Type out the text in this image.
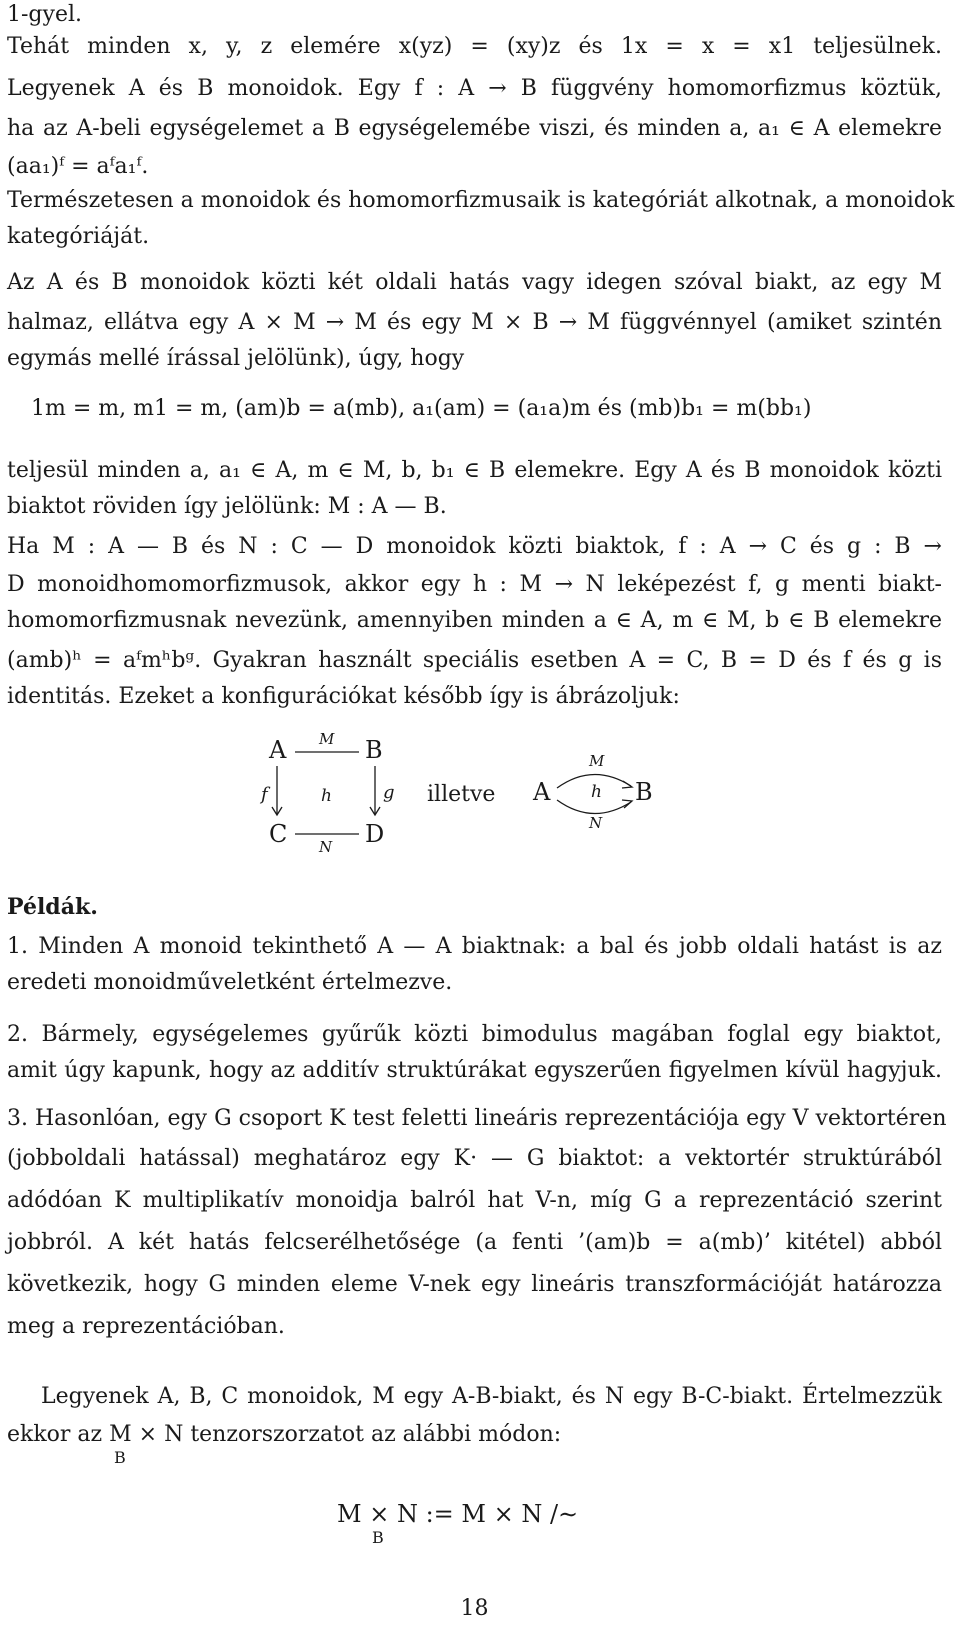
1-gyel.
Tehát minden x, y, z elemére x(yz) = (xy)z és 1x = x = x1 teljesülnek.
Legyenek A és B monoidok. Egy f : A → B függvény homomorfizmus köztük,
ha az A-beli egységelemet a B egységelemébe viszi, és minden a, a₁ ∈ A elemekre
(aa₁)ᶠ = aᶠa₁ᶠ.
Természetesen a monoidok és homomorfizmusaik is kategóriát alkotnak, a monoidok
kategóriáját.
Az A és B monoidok közti két oldali hatás vagy idegen szóval biakt, az egy M
halmaz, ellátva egy A × M → M és egy M × B → M függvénnyel (amiket szintén
egymás mellé írással jelölünk), úgy, hogy
1m = m, m1 = m, (am)b = a(mb), a₁(am) = (a₁a)m és (mb)b₁ = m(bb₁)
teljesül minden a, a₁ ∈ A, m ∈ M, b, b₁ ∈ B elemekre. Egy A és B monoidok közti
biaktot röviden így jelölünk: M : A — B.
Ha M : A — B és N : C — D monoidok közti biaktok, f : A → C és g : B →
D monoidhomomorfizmusok, akkor egy h : M → N leképezést f, g menti biakt-
homomorfizmusnak nevezünk, amennyiben minden a ∈ A, m ∈ M, b ∈ B elemekre
(amb)ʰ = aᶠmʰbᵍ. Gyakran használt speciális esetben A = C, B = D és f és g is
identitás. Ezeket a konfigurációkat később így is ábrázoljuk:
A M B
f	h	g
C	D
N
illetve A
M
h
N
B
Példák.
1. Minden A monoid tekinthető A — A biaktnak: a bal és jobb oldali hatást is az
eredeti monoidműveletként értelmezve.
2. Bármely, egységelemes gyűrűk közti bimodulus magában foglal egy biaktot,
amit úgy kapunk, hogy az additív struktúrákat egyszerűen figyelmen kívül hagyjuk.
3. Hasonlóan, egy G csoport K test feletti lineáris reprezentációja egy V vektortéren
(jobboldali hatással) meghatároz egy K· — G biaktot: a vektortér struktúrából
adódóan K multiplikatív monoidja balról hat V-n, míg G a reprezentáció szerint
jobbról. A két hatás felcserélhetősége (a fenti ’(am)b = a(mb)’ kitétel) abból
következik, hogy G minden eleme V-nek egy lineáris transzformációját határozza
meg a reprezentációban.
Legyenek A, B, C monoidok, M egy A-B-biakt, és N egy B-C-biakt. Értelmezzük
ekkor az M × N tenzorszorzatot az alábbi módon:
B
M × N := M × N /∼
B
18
